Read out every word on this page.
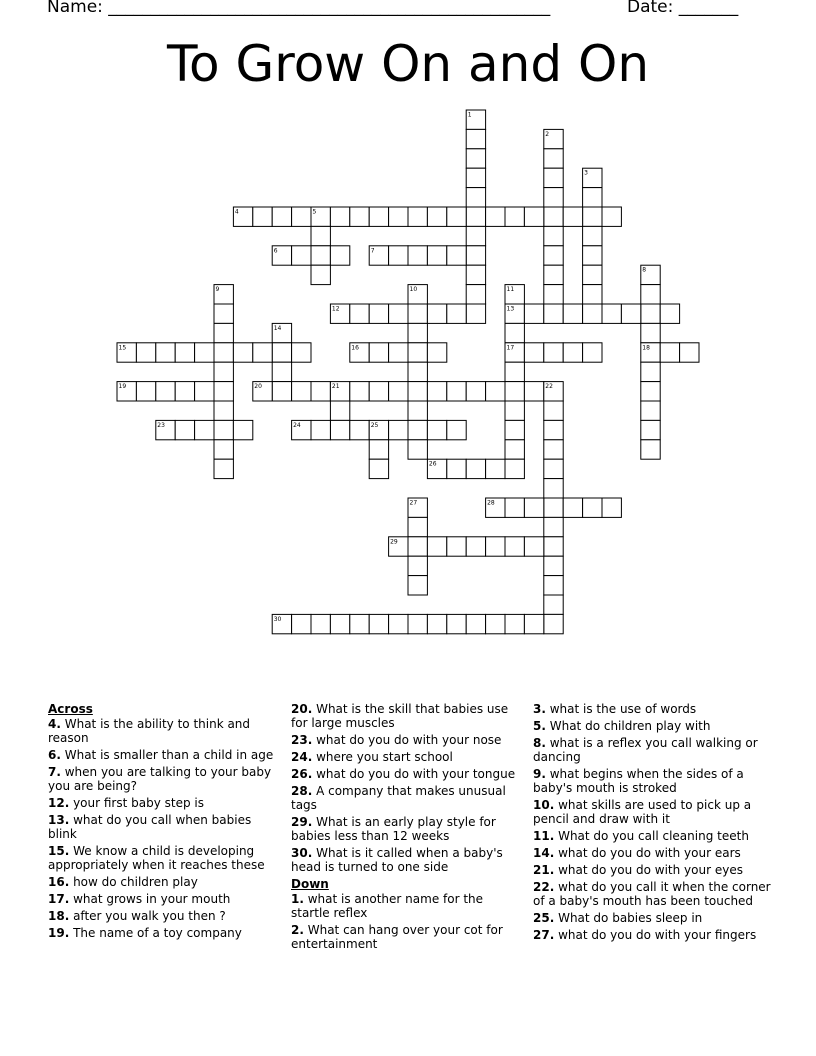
Name: ____________________________________________________	Date: _______
To Grow On and On
1
2
3
4	5
6	7
8
9	10	11
12	13
14
15	16	17	18
19	20	21	22
23	24	25
26
27	28
29
30
Across
4. What is the ability to think and reason
6. What is smaller than a child in age
7. when you are talking to your baby you are being?
12. your first baby step is
13. what do you call when babies blink
15. We know a child is developing appropriately when it reaches these
16. how do children play
17. what grows in your mouth
18. after you walk you then ?
19. The name of a toy company
20. What is the skill that babies use for large muscles
23. what do you do with your nose
24. where you start school
26. what do you do with your tongue
28. A company that makes unusual tags
29. What is an early play style for babies less than 12 weeks
30. What is it called when a baby's head is turned to one side
Down
1. what is another name for the startle reflex
2. What can hang over your cot for entertainment
3. what is the use of words
5. What do children play with
8. what is a reflex you call walking or dancing
9. what begins when the sides of a baby's mouth is stroked
10. what skills are used to pick up a pencil and draw with it
11. What do you call cleaning teeth
14. what do you do with your ears
21. what do you do with your eyes
22. what do you call it when the corner of a baby's mouth has been touched
25. What do babies sleep in
27. what do you do with your fingers
